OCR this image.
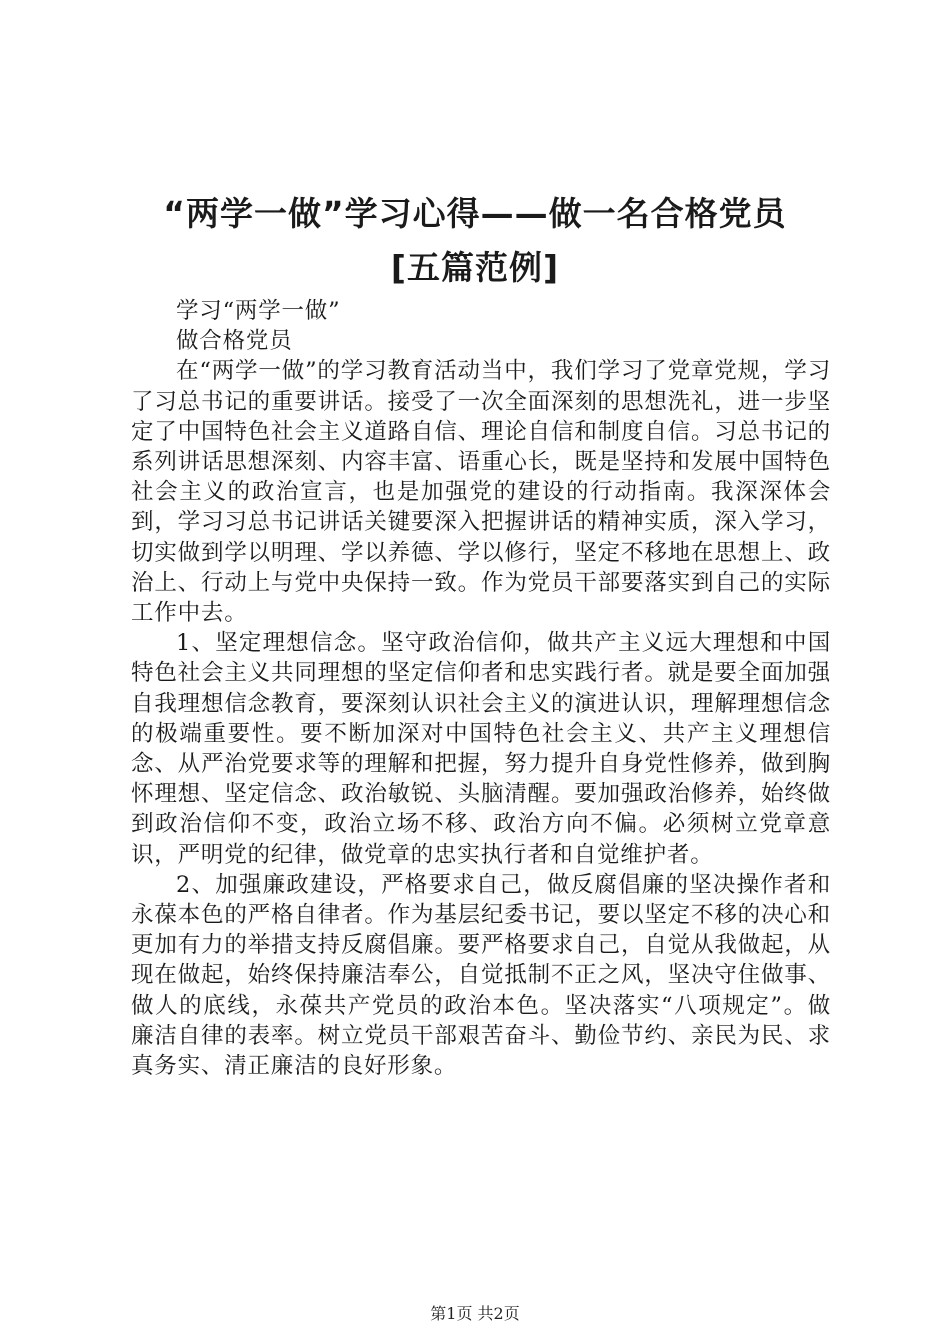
“两学一做”学习心得——做一名合格党员
[五篇范例]

学习“两学一做”

做合格党员

在“两学一做”的学习教育活动当中，我们学习了党章党规，学习了习总书记的重要讲话。接受了一次全面深刻的思想洗礼，进一步坚定了中国特色社会主义道路自信、理论自信和制度自信。习总书记的系列讲话思想深刻、内容丰富、语重心长，既是坚持和发展中国特色社会主义的政治宣言，也是加强党的建设的行动指南。我深深体会到，学习习总书记讲话关键要深入把握讲话的精神实质，深入学习，切实做到学以明理、学以养德、学以修行，坚定不移地在思想上、政治上、行动上与党中央保持一致。作为党员干部要落实到自己的实际工作中去。

1、坚定理想信念。坚守政治信仰，做共产主义远大理想和中国特色社会主义共同理想的坚定信仰者和忠实践行者。就是要全面加强自我理想信念教育，要深刻认识社会主义的演进认识，理解理想信念的极端重要性。要不断加深对中国特色社会主义、共产主义理想信念、从严治党要求等的理解和把握，努力提升自身党性修养，做到胸怀理想、坚定信念、政治敏锐、头脑清醒。要加强政治修养，始终做到政治信仰不变，政治立场不移、政治方向不偏。必须树立党章意识，严明党的纪律，做党章的忠实执行者和自觉维护者。

2、加强廉政建设，严格要求自己，做反腐倡廉的坚决操作者和永葆本色的严格自律者。作为基层纪委书记，要以坚定不移的决心和更加有力的举措支持反腐倡廉。要严格要求自己，自觉从我做起，从现在做起，始终保持廉洁奉公，自觉抵制不正之风，坚决守住做事、做人的底线，永葆共产党员的政治本色。坚决落实“八项规定”。做廉洁自律的表率。树立党员干部艰苦奋斗、勤俭节约、亲民为民、求真务实、清正廉洁的良好形象。

第1页 共2页
